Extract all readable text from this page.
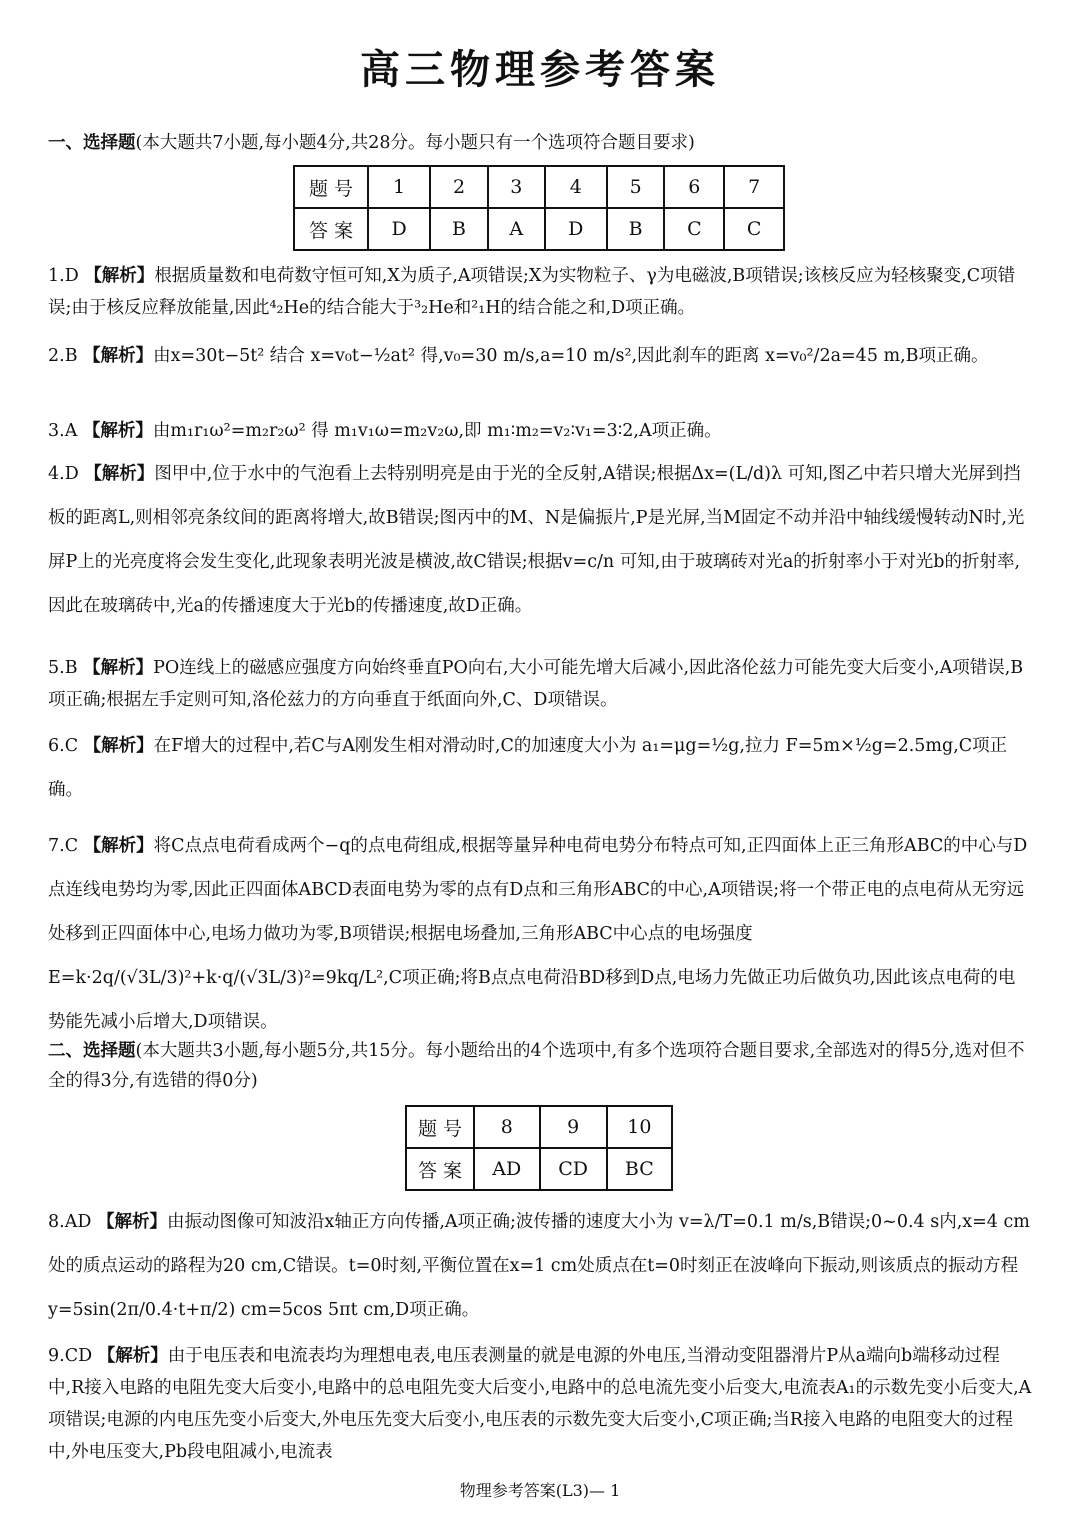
高三物理参考答案
一、选择题(本大题共7小题,每小题4分,共28分。每小题只有一个选项符合题目要求)
题 号	1	2	3	4	5	6	7
答 案	D	B	A	D	B	C	C
1.D 【解析】根据质量数和电荷数守恒可知,X为质子,A项错误;X为实物粒子、γ为电磁波,B项错误;该核反应为轻核聚变,C项错误;由于核反应释放能量,因此⁴₂He的结合能大于³₂He和²₁H的结合能之和,D项正确。
2.B 【解析】由x=30t−5t² 结合 x=v₀t−½at² 得,v₀=30 m/s,a=10 m/s²,因此刹车的距离 x=v₀²/2a=45 m,B项正确。
3.A 【解析】由m₁r₁ω²=m₂r₂ω² 得 m₁v₁ω=m₂v₂ω,即 m₁∶m₂=v₂∶v₁=3∶2,A项正确。
4.D 【解析】图甲中,位于水中的气泡看上去特别明亮是由于光的全反射,A错误;根据Δx=(L/d)λ 可知,图乙中若只增大光屏到挡板的距离L,则相邻亮条纹间的距离将增大,故B错误;图丙中的M、N是偏振片,P是光屏,当M固定不动并沿中轴线缓慢转动N时,光屏P上的光亮度将会发生变化,此现象表明光波是横波,故C错误;根据v=c/n 可知,由于玻璃砖对光a的折射率小于对光b的折射率,因此在玻璃砖中,光a的传播速度大于光b的传播速度,故D正确。
5.B 【解析】PO连线上的磁感应强度方向始终垂直PO向右,大小可能先增大后减小,因此洛伦兹力可能先变大后变小,A项错误,B项正确;根据左手定则可知,洛伦兹力的方向垂直于纸面向外,C、D项错误。
6.C 【解析】在F增大的过程中,若C与A刚发生相对滑动时,C的加速度大小为 a₁=μg=½g,拉力 F=5m×½g=2.5mg,C项正确。
7.C 【解析】将C点点电荷看成两个−q的点电荷组成,根据等量异种电荷电势分布特点可知,正四面体上正三角形ABC的中心与D点连线电势均为零,因此正四面体ABCD表面电势为零的点有D点和三角形ABC的中心,A项错误;将一个带正电的点电荷从无穷远处移到正四面体中心,电场力做功为零,B项错误;根据电场叠加,三角形ABC中心点的电场强度 E=k·2q/(√3L/3)²+k·q/(√3L/3)²=9kq/L²,C项正确;将B点点电荷沿BD移到D点,电场力先做正功后做负功,因此该点电荷的电势能先减小后增大,D项错误。
二、选择题(本大题共3小题,每小题5分,共15分。每小题给出的4个选项中,有多个选项符合题目要求,全部选对的得5分,选对但不全的得3分,有选错的得0分)
题 号	8	9	10
答 案	AD	CD	BC
8.AD 【解析】由振动图像可知波沿x轴正方向传播,A项正确;波传播的速度大小为 v=λ/T=0.1 m/s,B错误;0~0.4 s内,x=4 cm处的质点运动的路程为20 cm,C错误。t=0时刻,平衡位置在x=1 cm处质点在t=0时刻正在波峰向下振动,则该质点的振动方程 y=5sin(2π/0.4·t+π/2) cm=5cos 5πt cm,D项正确。
9.CD 【解析】由于电压表和电流表均为理想电表,电压表测量的就是电源的外电压,当滑动变阻器滑片P从a端向b端移动过程中,R接入电路的电阻先变大后变小,电路中的总电阻先变大后变小,电路中的总电流先变小后变大,电流表A₁的示数先变小后变大,A项错误;电源的内电压先变小后变大,外电压先变大后变小,电压表的示数先变大后变小,C项正确;当R接入电路的电阻变大的过程中,外电压变大,Pb段电阻减小,电流表
物理参考答案(L3)— 1
